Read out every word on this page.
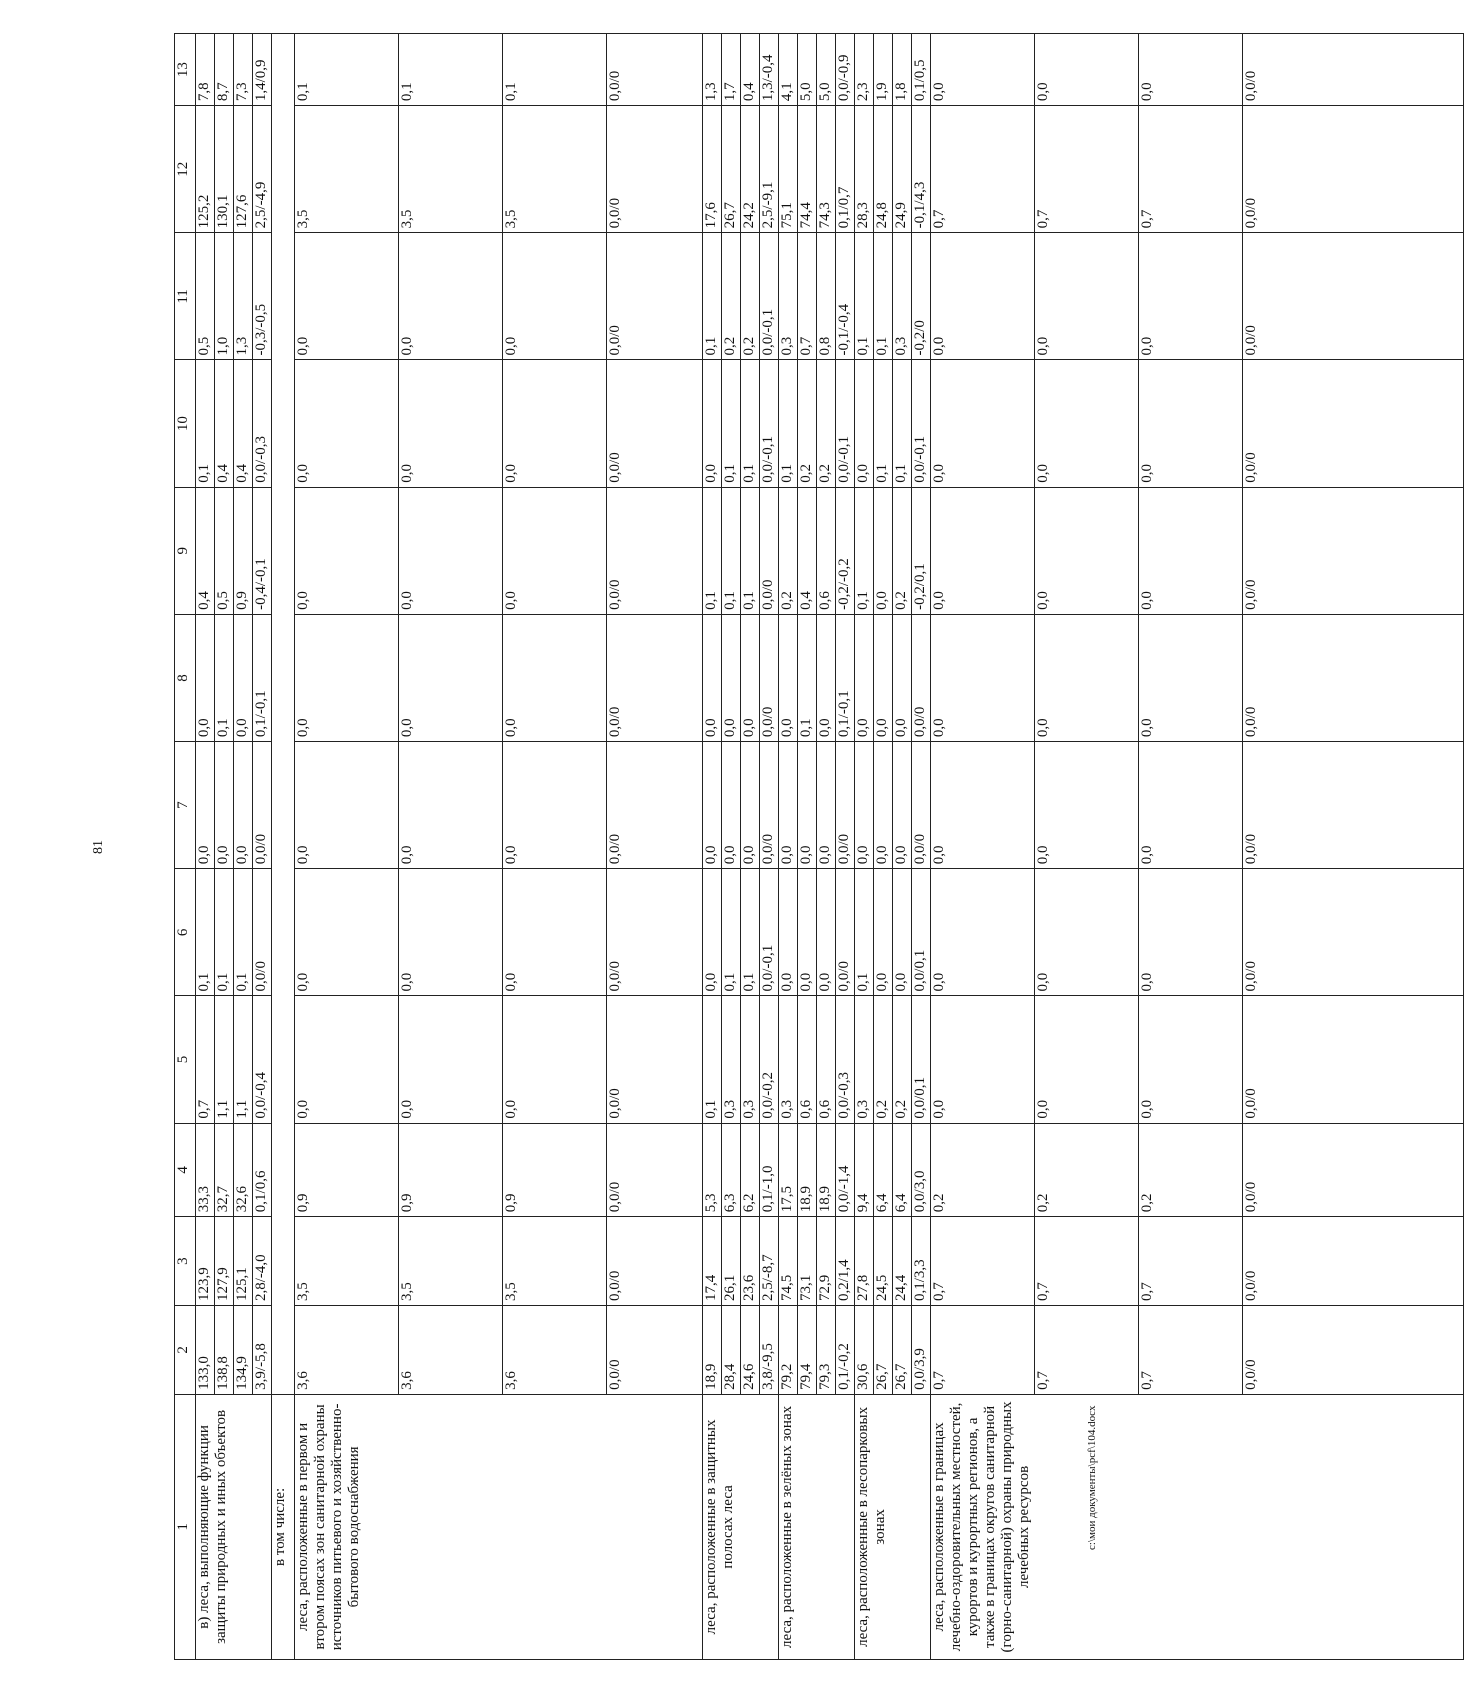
81
c:\мои документы\pcf\104.docx
1	2	3	4	5	6	7	8	9	10	11	12	13
в) леса, выполняющие функции защиты природных и иных объектов	133,0	123,9	33,3	0,7	0,1	0,0	0,0	0,4	0,1	0,5	125,2	7,8
	138,8	127,9	32,7	1,1	0,1	0,0	0,1	0,5	0,4	1,0	130,1	8,7
	134,9	125,1	32,6	1,1	0,1	0,0	0,0	0,9	0,4	1,3	127,6	7,3
	3,9/-5,8	2,8/-4,0	0,1/0,6	0,0/-0,4	0,0/0	0,0/0	0,1/-0,1	-0,4/-0,1	0,0/-0,3	-0,3/-0,5	2,5/-4,9	1,4/0,9
в том числе:												
леса, расположенные в первом и втором поясах зон санитарной охраны источников питьевого и хозяйственно-бытового водоснабжения	3,6	3,5	0,9	0,0	0,0	0,0	0,0	0,0	0,0	0,0	3,5	0,1
	3,6	3,5	0,9	0,0	0,0	0,0	0,0	0,0	0,0	0,0	3,5	0,1
	3,6	3,5	0,9	0,0	0,0	0,0	0,0	0,0	0,0	0,0	3,5	0,1
	0,0/0	0,0/0	0,0/0	0,0/0	0,0/0	0,0/0	0,0/0	0,0/0	0,0/0	0,0/0	0,0/0	0,0/0
леса, расположенные в защитных полосах леса	18,9	17,4	5,3	0,1	0,0	0,0	0,0	0,1	0,0	0,1	17,6	1,3
	28,4	26,1	6,3	0,3	0,1	0,0	0,0	0,1	0,1	0,2	26,7	1,7
	24,6	23,6	6,2	0,3	0,1	0,0	0,0	0,1	0,1	0,2	24,2	0,4
	3,8/-9,5	2,5/-8,7	0,1/-1,0	0,0/-0,2	0,0/-0,1	0,0/0	0,0/0	0,0/0	0,0/-0,1	0,0/-0,1	2,5/-9,1	1,3/-0,4
леса, расположенные в зелёных зонах	79,2	74,5	17,5	0,3	0,0	0,0	0,0	0,2	0,1	0,3	75,1	4,1
	79,4	73,1	18,9	0,6	0,0	0,0	0,1	0,4	0,2	0,7	74,4	5,0
	79,3	72,9	18,9	0,6	0,0	0,0	0,0	0,6	0,2	0,8	74,3	5,0
	0,1/-0,2	0,2/1,4	0,0/-1,4	0,0/-0,3	0,0/0	0,0/0	0,1/-0,1	-0,2/-0,2	0,0/-0,1	-0,1/-0,4	0,1/0,7	0,0/-0,9
леса, расположенные в лесопарковых зонах	30,6	27,8	9,4	0,3	0,1	0,0	0,0	0,1	0,0	0,1	28,3	2,3
	26,7	24,5	6,4	0,2	0,0	0,0	0,0	0,0	0,1	0,1	24,8	1,9
	26,7	24,4	6,4	0,2	0,0	0,0	0,0	0,2	0,1	0,3	24,9	1,8
	0,0/3,9	0,1/3,3	0,0/3,0	0,0/0,1	0,0/0,1	0,0/0	0,0/0	-0,2/0,1	0,0/-0,1	-0,2/0	-0,1/4,3	0,1/0,5
леса, расположенные в границах лечебно-оздоровительных местностей, курортов и курортных регионов, а также в границах округов санитарной (горно-санитарной) охраны природных лечебных ресурсов	0,7	0,7	0,2	0,0	0,0	0,0	0,0	0,0	0,0	0,0	0,7	0,0
	0,7	0,7	0,2	0,0	0,0	0,0	0,0	0,0	0,0	0,0	0,7	0,0
	0,7	0,7	0,2	0,0	0,0	0,0	0,0	0,0	0,0	0,0	0,7	0,0
	0,0/0	0,0/0	0,0/0	0,0/0	0,0/0	0,0/0	0,0/0	0,0/0	0,0/0	0,0/0	0,0/0	0,0/0
